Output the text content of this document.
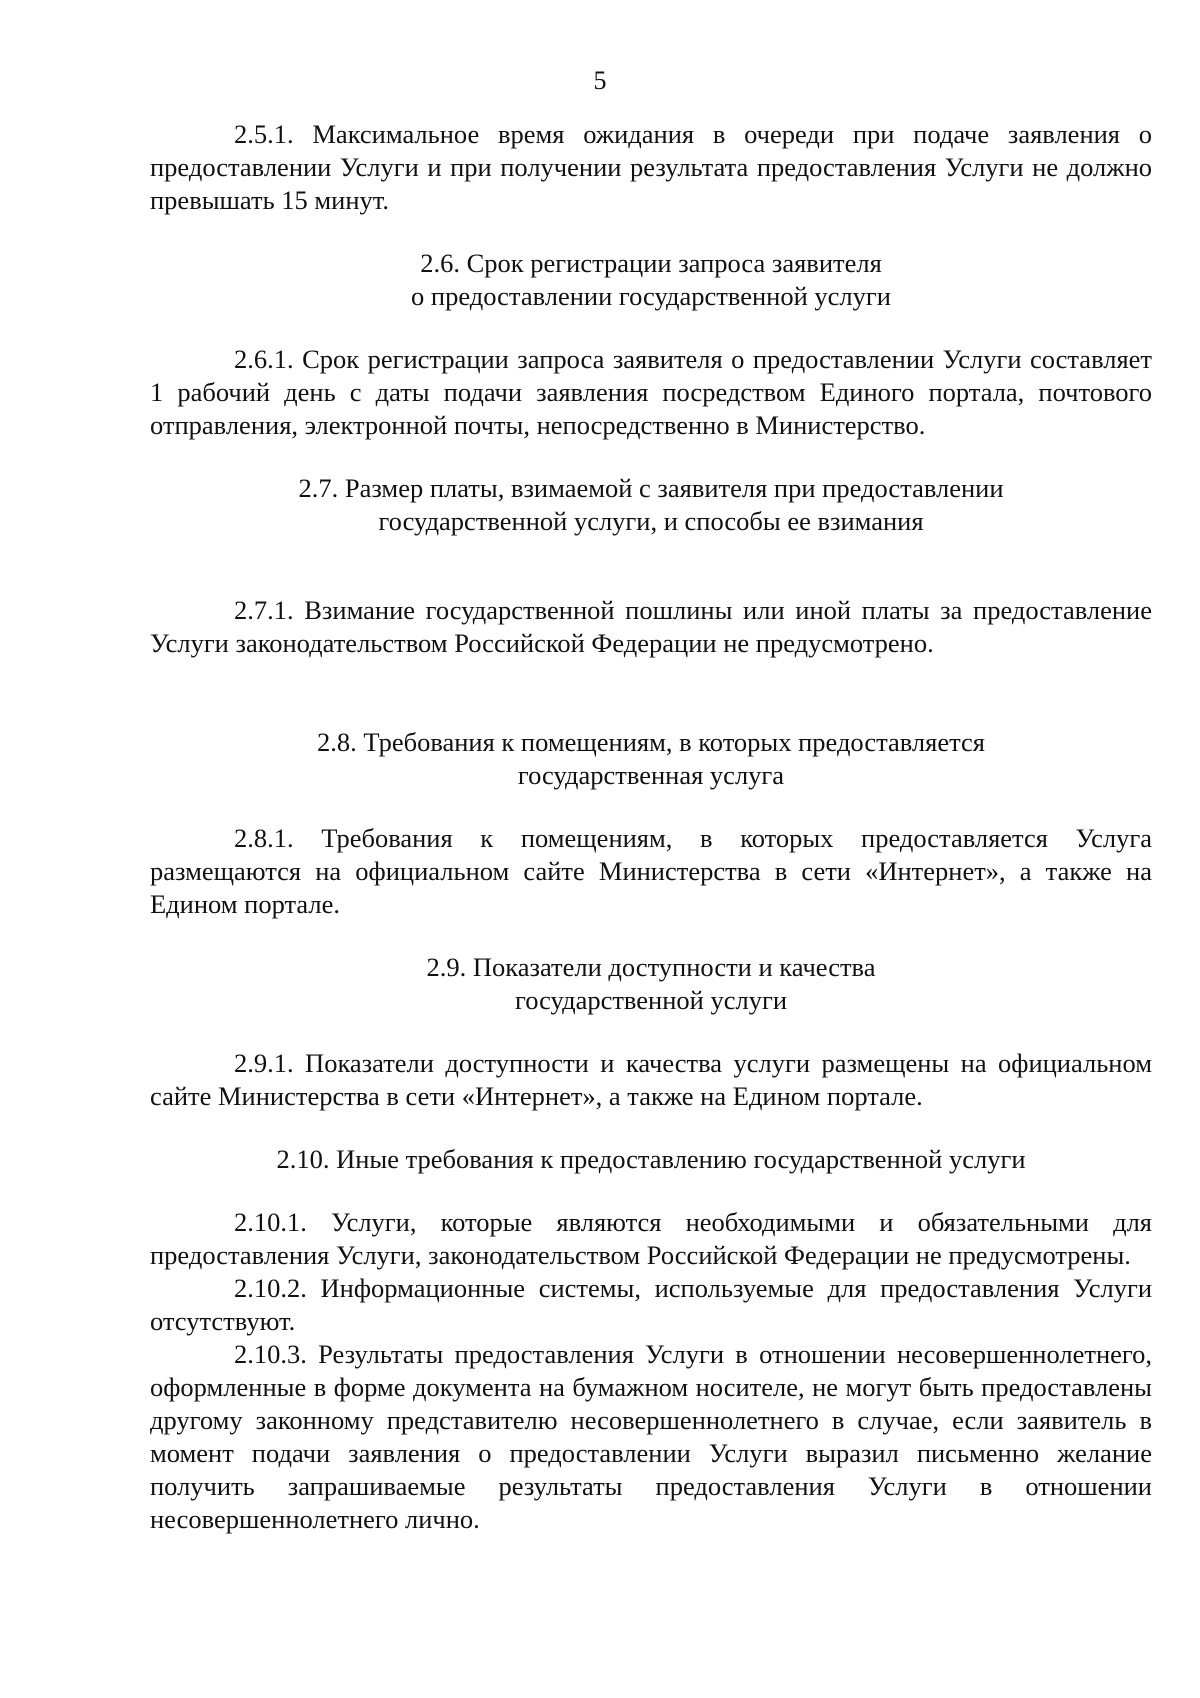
5

2.5.1. Максимальное время ожидания в очереди при подаче заявления о предоставлении Услуги и при получении результата предоставления Услуги не должно превышать 15 минут.

2.6. Срок регистрации запроса заявителя

о предоставлении государственной услуги

2.6.1. Срок регистрации запроса заявителя о предоставлении Услуги составляет 1 рабочий день с даты подачи заявления посредством Единого портала, почтового отправления, электронной почты, непосредственно в Министерство.

2.7. Размер платы, взимаемой с заявителя при предоставлении

государственной услуги, и способы ее взимания

2.7.1. Взимание государственной пошлины или иной платы за предоставление Услуги законодательством Российской Федерации не предусмотрено.

2.8. Требования к помещениям, в которых предоставляется

государственная услуга

2.8.1. Требования к помещениям, в которых предоставляется Услуга размещаются на официальном сайте Министерства в сети «Интернет», а также на Едином портале.

2.9. Показатели доступности и качества

государственной услуги

2.9.1. Показатели доступности и качества услуги размещены на официальном сайте Министерства в сети «Интернет», а также на Едином портале.

2.10. Иные требования к предоставлению государственной услуги

2.10.1. Услуги, которые являются необходимыми и обязательными для предоставления Услуги, законодательством Российской Федерации не предусмотрены.

2.10.2. Информационные системы, используемые для предоставления Услуги отсутствуют.

2.10.3. Результаты предоставления Услуги в отношении несовершеннолетнего, оформленные в форме документа на бумажном носителе, не могут быть предоставлены другому законному представителю несовершеннолетнего в случае, если заявитель в момент подачи заявления о предоставлении Услуги выразил письменно желание получить запрашиваемые результаты предоставления Услуги в отношении несовершеннолетнего лично.
